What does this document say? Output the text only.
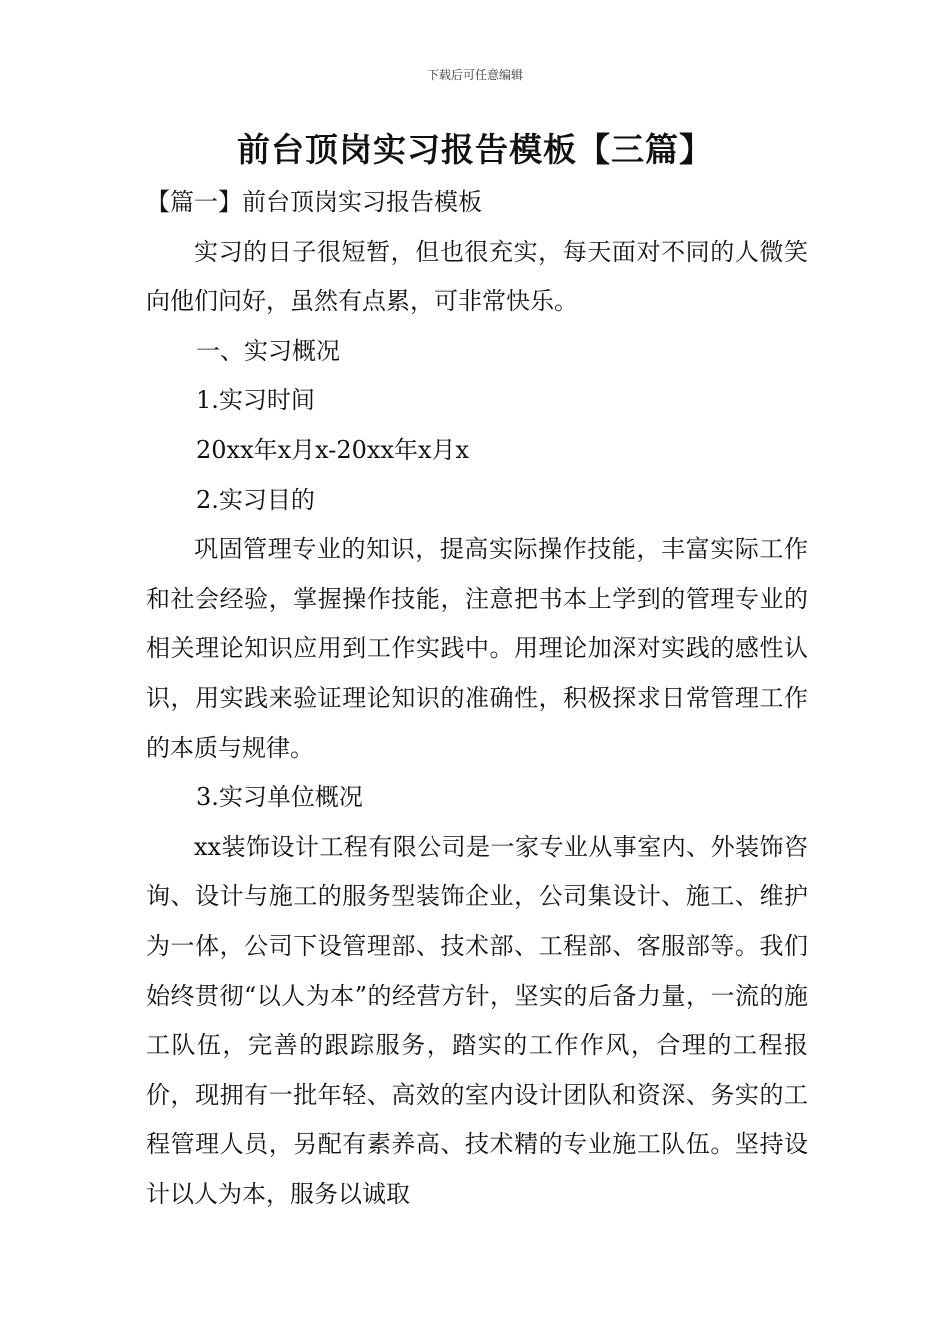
下载后可任意编辑
前台顶岗实习报告模板【三篇】
【篇一】前台顶岗实习报告模板

实习的日子很短暂，但也很充实，每天面对不同的人微笑向他们问好，虽然有点累，可非常快乐。

一、实习概况
1.实习时间
20xx年x月x-20xx年x月x
2.实习目的

巩固管理专业的知识，提高实际操作技能，丰富实际工作和社会经验，掌握操作技能，注意把书本上学到的管理专业的相关理论知识应用到工作实践中。用理论加深对实践的感性认识，用实践来验证理论知识的准确性，积极探求日常管理工作的本质与规律。

3.实习单位概况

xx装饰设计工程有限公司是一家专业从事室内、外装饰咨询、设计与施工的服务型装饰企业，公司集设计、施工、维护为一体，公司下设管理部、技术部、工程部、客服部等。我们始终贯彻“以人为本”的经营方针，坚实的后备力量，一流的施工队伍，完善的跟踪服务，踏实的工作作风，合理的工程报价，现拥有一批年轻、高效的室内设计团队和资深、务实的工程管理人员，另配有素养高、技术精的专业施工队伍。坚持设计以人为本，服务以诚取
